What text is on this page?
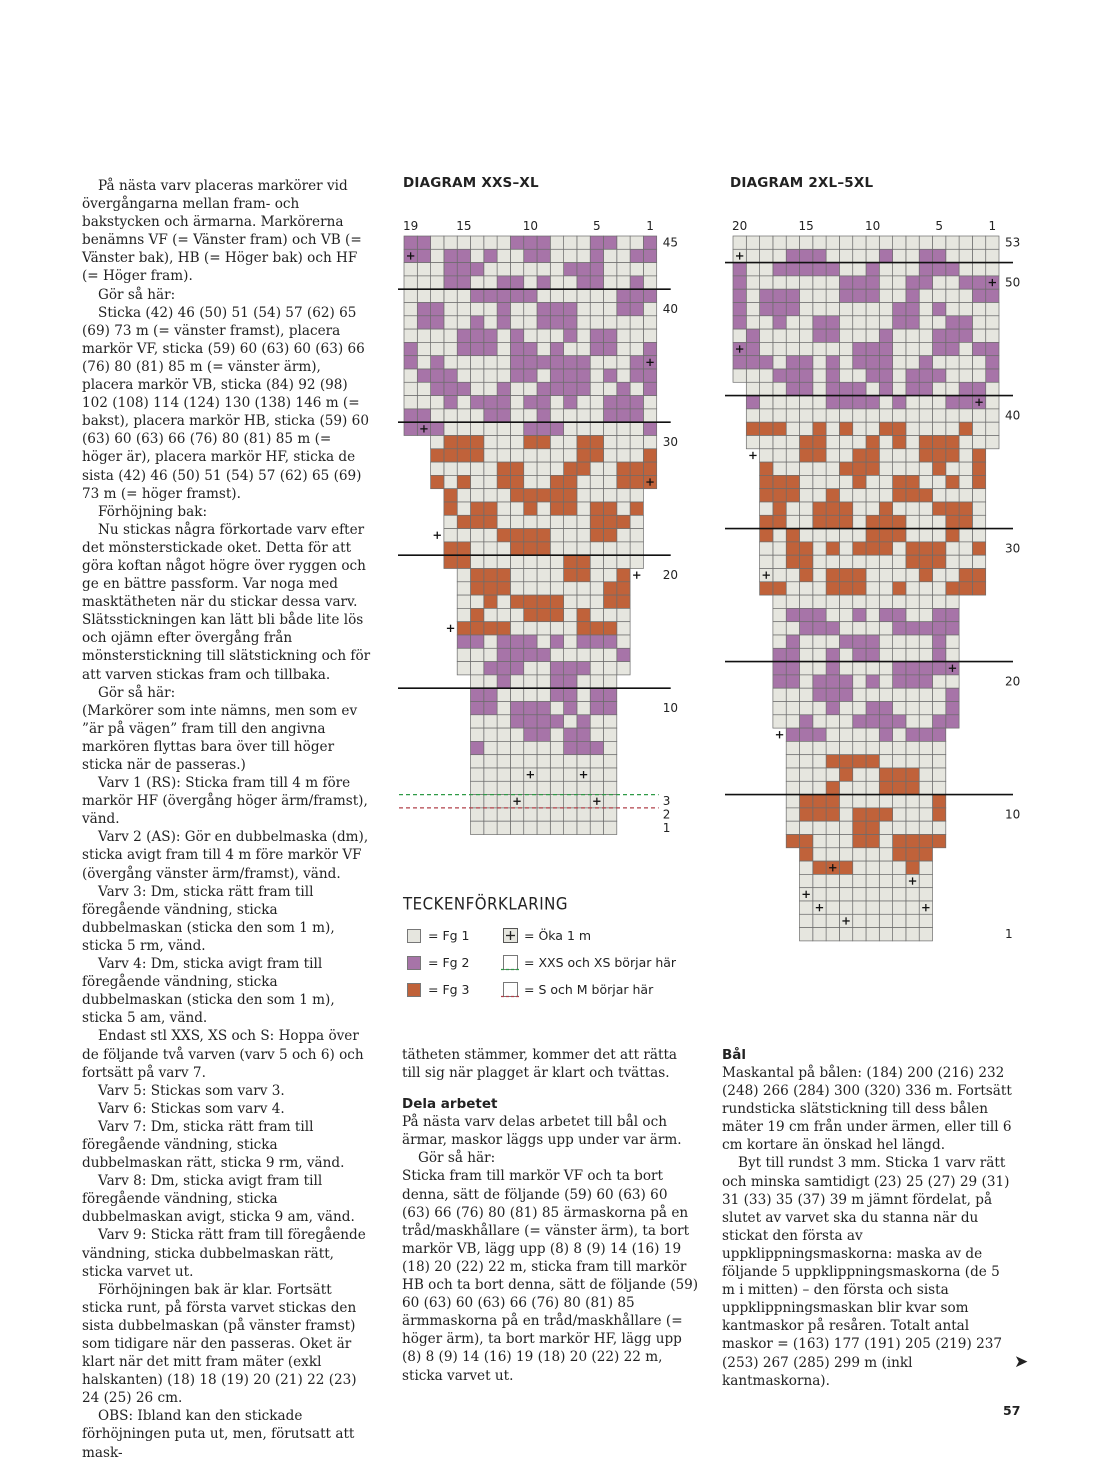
På nästa varv placeras markörer vid övergångarna mellan fram- och bakstycken och ärmarna. Markörerna benämns VF (= Vänster fram) och VB (= Vänster bak), HB (= Höger bak) och HF (= Höger fram).

Gör så här:

Sticka (42) 46 (50) 51 (54) 57 (62) 65 (69) 73 m (= vänster framst), placera markör VF, sticka (59) 60 (63) 60 (63) 66 (76) 80 (81) 85 m (= vänster ärm), placera markör VB, sticka (84) 92 (98) 102 (108) 114 (124) 130 (138) 146 m (= bakst), placera markör HB, sticka (59) 60 (63) 60 (63) 66 (76) 80 (81) 85 m (= höger är), placera markör HF, sticka de sista (42) 46 (50) 51 (54) 57 (62) 65 (69) 73 m (= höger framst).

Förhöjning bak:

Nu stickas några förkortade varv efter det mönsterstickade oket. Detta för att göra koftan något högre över ryggen och ge en bättre passform. Var noga med masktätheten när du stickar dessa varv. Slätsstickningen kan lätt bli både lite lös och ojämn efter övergång från mönsterstickning till slätstickning och för att varven stickas fram och tillbaka.

Gör så här:

(Markörer som inte nämns, men som ev ”är på vägen” fram till den angivna markören flyttas bara över till höger sticka när de passeras.)

Varv 1 (RS): Sticka fram till 4 m före markör HF (övergång höger ärm/framst), vänd.

Varv 2 (AS): Gör en dubbelmaska (dm), sticka avigt fram till 4 m före markör VF (övergång vänster ärm/framst), vänd.

Varv 3: Dm, sticka rätt fram till föregående vändning, sticka dubbelmaskan (sticka den som 1 m), sticka 5 rm, vänd.

Varv 4: Dm, sticka avigt fram till föregående vändning, sticka dubbelmaskan (sticka den som 1 m), sticka 5 am, vänd.

Endast stl XXS, XS och S: Hoppa över de följande två varven (varv 5 och 6) och fortsätt på varv 7.

Varv 5: Stickas som varv 3.

Varv 6: Stickas som varv 4.

Varv 7: Dm, sticka rätt fram till föregående vändning, sticka dubbelmaskan rätt, sticka 9 rm, vänd.

Varv 8: Dm, sticka avigt fram till föregående vändning, sticka dubbelmaskan avigt, sticka 9 am, vänd.

Varv 9: Sticka rätt fram till föregående vändning, sticka dubbelmaskan rätt, sticka varvet ut.

Förhöjningen bak är klar. Fortsätt sticka runt, på första varvet stickas den sista dubbelmaskan (på vänster framst) som tidigare när den passeras. Oket är klart när det mitt fram mäter (exkl halskanten) (18) 18 (19) 20 (21) 22 (23) 24 (25) 26 cm.

OBS: Ibland kan den stickade förhöjningen puta ut, men, förutsatt att mask-

DIAGRAM XXS–XL	DIAGRAM 2XL–5XL
19	15	10	5	1
45
40
30
20
10
3
2
1
20	15	10	5	1
53
50
40
30
20
10
1
TECKENFÖRKLARING
= Fg 1
= Fg 2
= Fg 3
= Öka 1 m
= XXS och XS börjar här
= S och M börjar här

tätheten stämmer, kommer det att rätta till sig när plagget är klart och tvättas.

Dela arbetet

På nästa varv delas arbetet till bål och ärmar, maskor läggs upp under var ärm.

Gör så här:

Sticka fram till markör VF och ta bort denna, sätt de följande (59) 60 (63) 60 (63) 66 (76) 80 (81) 85 ärmaskorna på en tråd/maskhållare (= vänster ärm), ta bort markör VB, lägg upp (8) 8 (9) 14 (16) 19 (18) 20 (22) 22 m, sticka fram till markör HB och ta bort denna, sätt de följande (59) 60 (63) 60 (63) 66 (76) 80 (81) 85 ärmmaskorna på en tråd/maskhållare (= höger ärm), ta bort markör HF, lägg upp (8) 8 (9) 14 (16) 19 (18) 20 (22) 22 m, sticka varvet ut.

Bål

Maskantal på bålen: (184) 200 (216) 232 (248) 266 (284) 300 (320) 336 m. Fortsätt rundsticka slätstickning till dess bålen mäter 19 cm från under ärmen, eller till 6 cm kortare än önskad hel längd.

Byt till rundst 3 mm. Sticka 1 varv rätt och minska samtidigt (23) 25 (27) 29 (31) 31 (33) 35 (37) 39 m jämnt fördelat, på slutet av varvet ska du stanna när du stickat den första av uppklippningsmaskorna: maska av de följande 5 uppklippningsmaskorna (de 5 m i mitten) – den första och sista uppklippningsmaskan blir kvar som kantmaskor på resåren. Totalt antal maskor = (163) 177 (191) 205 (219) 237 (253) 267 (285) 299 m (inkl kantmaskorna).

➤
57
